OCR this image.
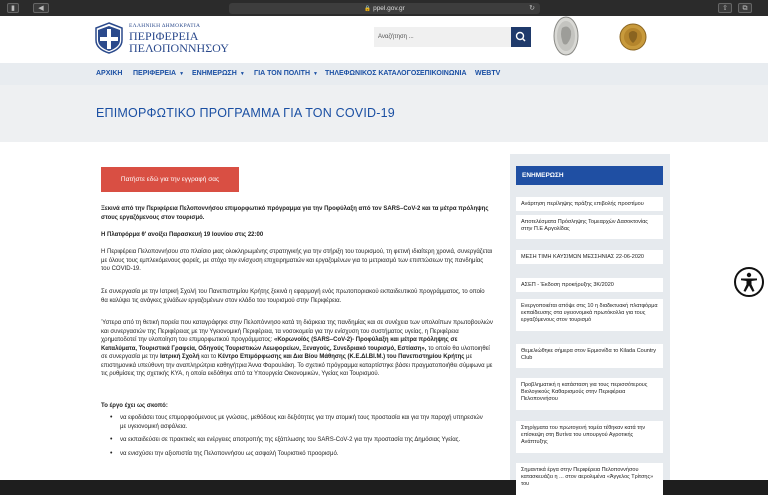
▮	◀	🔒 ppel.gov.gr	↻	⇧	⧉
ΕΛΛΗΝΙΚΗ ΔΗΜΟΚΡΑΤΙΑ
ΠΕΡΙΦΕΡΕΙΑ
ΠΕΛΟΠΟΝΝΗΣΟΥ
Αναζήτηση ...
ΑΡΧΙΚΗ ΠΕΡΙΦΕΡΕΙΑ ▼ ΕΝΗΜΕΡΩΣΗ ▼ ΓΙΑ ΤΟΝ ΠΟΛΙΤΗ ▼ ΤΗΛΕΦΩΝΙΚΟΣ ΚΑΤΑΛΟΓΟΣ ΕΠΙΚΟΙΝΩΝΙΑ WEBTV
ΕΠΙΜΟΡΦΩΤΙΚΟ ΠΡΟΓΡΑΜΜΑ ΓΙΑ ΤΟΝ COVID-19
Πατήστε εδώ για την εγγραφή σας
Ξεκινά από την Περιφέρεια Πελοποννήσου επιμορφωτικό πρόγραμμα για την Προφύλαξη από τον SARS–CoV-2 και τα μέτρα πρόληψης στους εργαζόμενους στον τουρισμό.
Η Πλατφόρμα θ' ανοίξει Παρασκευή 19 Ιουνίου στις 22:00
Η Περιφέρεια Πελοποννήσου στο πλαίσιο μιας ολοκληρωμένης στρατηγικής για την στήριξη του τουρισμού, τη φετινή ιδιαίτερη χρονιά, συνεργάζεται με όλους τους εμπλεκόμενους φορείς, με στόχο την ενίσχυση επιχειρηματιών και εργαζομένων για το μετριασμό των επιπτώσεων της πανδημίας του COVID-19.
Σε συνεργασία με την Ιατρική Σχολή του Πανεπιστημίου Κρήτης ξεκινά η εφαρμογή ενός πρωτοποριακού εκπαιδευτικού προγράμματος, το οποίο θα καλύψει τις ανάγκες χιλιάδων εργαζομένων στον κλάδο του τουρισμού στην Περιφέρεια.
Ύστερα από τη θετική πορεία που καταγράφηκε στην Πελοπόννησο κατά τη διάρκεια της πανδημίας και σε συνέχεια των υπολοίπων πρωτοβουλιών και συνεργασιών της Περιφέρειας με την Υγειονομική Περιφέρεια, τα νοσοκομεία για την ενίσχυση του συστήματος υγείας, η Περιφέρεια χρηματοδοτεί την υλοποίηση του επιμορφωτικού προγράμματος: «Κορωνοϊός (SARS–CoV-2)- Προφύλαξη και μέτρα πρόληψης σε Καταλύματα, Τουριστικά Γραφεία, Οδηγούς Τουριστικών Λεωφορείων, Ξεναγούς, Συνεδριακό τουρισμό, Εστίαση», το οποίο θα υλοποιηθεί σε συνεργασία με την Ιατρική Σχολή και το Κέντρο Επιμόρφωσης και Δια Βίου Μάθησης (Κ.Ε.ΔΙ.ΒΙ.Μ.) του Πανεπιστημίου Κρήτης με επιστημονικά υπεύθυνη την αναπληρώτρια καθηγήτρια Άννα Φαρουλάκη. Το σχετικό πρόγραμμα καταρτίστηκε βάσει πραγματοποιήθει σύμφωνα με τις ρυθμίσεις της σχετικής ΚΥΑ, η οποία εκδόθηκε από τα Υπουργεία Οικονομικών, Υγείας και Τουρισμού.
Το έργο έχει ως σκοπό:
• να εφοδιάσει τους επιμορφούμενους με γνώσεις, μεθόδους και δεξιότητες για την ατομική τους προστασία και για την παροχή υπηρεσιών με υγειονομική ασφάλεια.
• να εκπαιδεύσει σε πρακτικές και ενέργειες αποτροπής της εξάπλωσης του SARS-CoV-2 για την προστασία της Δημόσιας Υγείας.
• να ενισχύσει την αξιοπιστία της Πελοποννήσου ως ασφαλή Τουριστικό προορισμό.
ΕΝΗΜΕΡΩΣΗ
Ανάρτηση περίληψης πράξης επιβολής προστίμου
Αποτελέσματα Πρόσληψης Τομεαρχών Δασοκτονίας στην Π.Ε Αργολίδας
ΜΕΣΗ ΤΙΜΗ ΚΑΥΣΙΜΩΝ ΜΕΣΣΗΝΙΑΣ 22-06-2020
ΑΣΕΠ - Έκδοση προκήρυξης 3Κ/2020
Ενεργοποιείται απόψε στις 10 η διαδικτυακή πλατφόρμα εκπαίδευσης στα υγειονομικά πρωτόκολλα για τους εργαζόμενους στον τουρισμό
Θεμελιώθηκε σήμερα στον Ερμιονίδα το Kilada Country Club
Προβληματική η κατάσταση για τους περισσότερους Βιολογικούς Καθαρισμούς στην Περιφέρεια Πελοποννήσου
Στηρίγματα του πρωτογενή τομέα τέθηκαν κατά την επίσκεψη στη Βυτίνα του υπουργού Αγροτικής Ανάπτυξης
Σημαντικά έργα στην Περιφέρεια Πελοποννήσου κατασκευάζει η ... στον αερολιμένα «Άγγελος Τρίτσης» του
